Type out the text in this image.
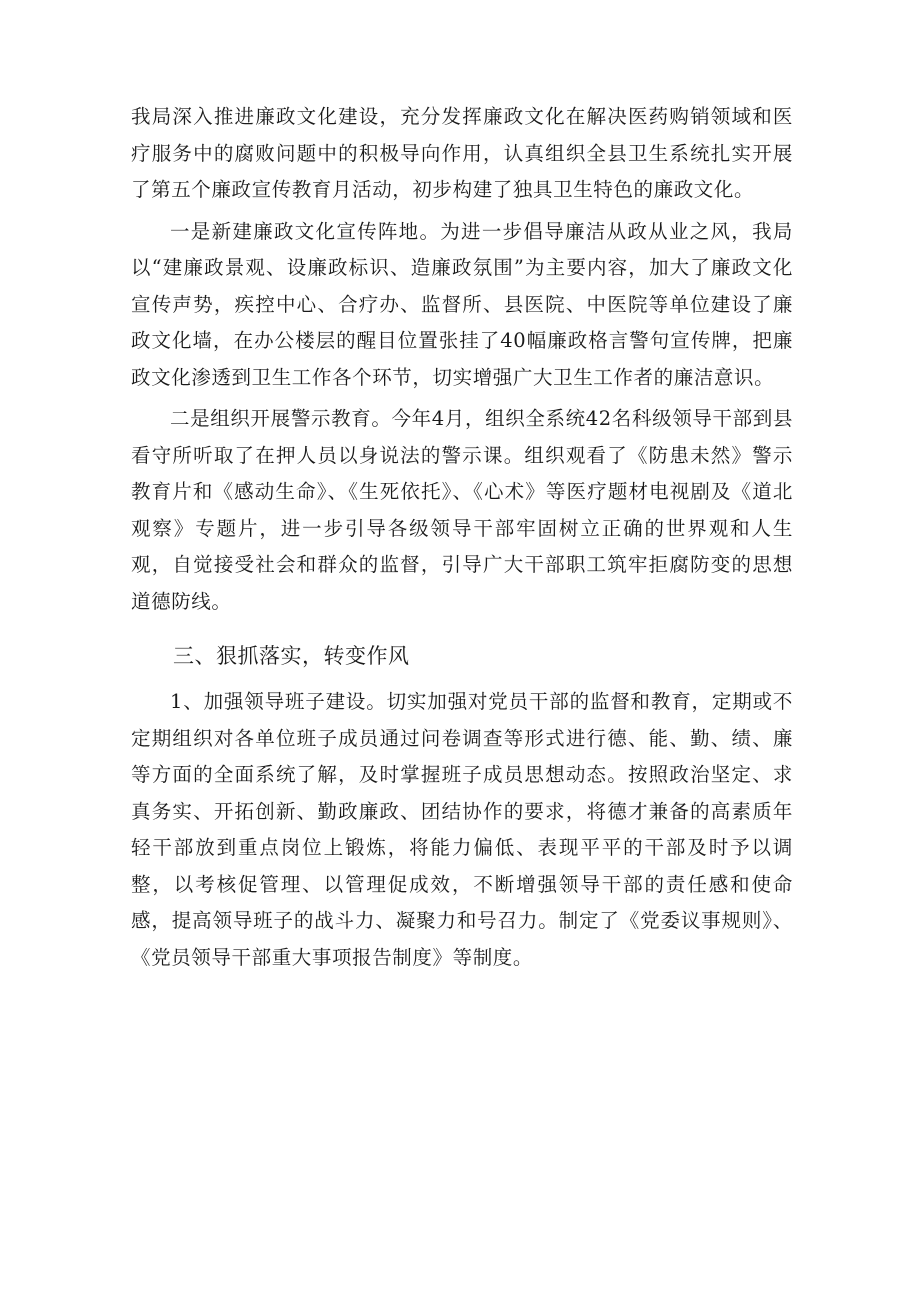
我局深入推进廉政文化建设，充分发挥廉政文化在解决医药购销领域和医疗服务中的腐败问题中的积极导向作用，认真组织全县卫生系统扎实开展了第五个廉政宣传教育月活动，初步构建了独具卫生特色的廉政文化。

一是新建廉政文化宣传阵地。为进一步倡导廉洁从政从业之风，我局以“建廉政景观、设廉政标识、造廉政氛围”为主要内容，加大了廉政文化宣传声势，疾控中心、合疗办、监督所、县医院、中医院等单位建设了廉政文化墙，在办公楼层的醒目位置张挂了40幅廉政格言警句宣传牌，把廉政文化渗透到卫生工作各个环节，切实增强广大卫生工作者的廉洁意识。

二是组织开展警示教育。今年4月，组织全系统42名科级领导干部到县看守所听取了在押人员以身说法的警示课。组织观看了《防患未然》警示教育片和《感动生命》、《生死依托》、《心术》等医疗题材电视剧及《道北观察》专题片，进一步引导各级领导干部牢固树立正确的世界观和人生观，自觉接受社会和群众的监督，引导广大干部职工筑牢拒腐防变的思想道德防线。

三、狠抓落实，转变作风

1、加强领导班子建设。切实加强对党员干部的监督和教育，定期或不定期组织对各单位班子成员通过问卷调查等形式进行德、能、勤、绩、廉等方面的全面系统了解，及时掌握班子成员思想动态。按照政治坚定、求真务实、开拓创新、勤政廉政、团结协作的要求，将德才兼备的高素质年轻干部放到重点岗位上锻炼，将能力偏低、表现平平的干部及时予以调整，以考核促管理、以管理促成效，不断增强领导干部的责任感和使命感，提高领导班子的战斗力、凝聚力和号召力。制定了《党委议事规则》、《党员领导干部重大事项报告制度》等制度。
